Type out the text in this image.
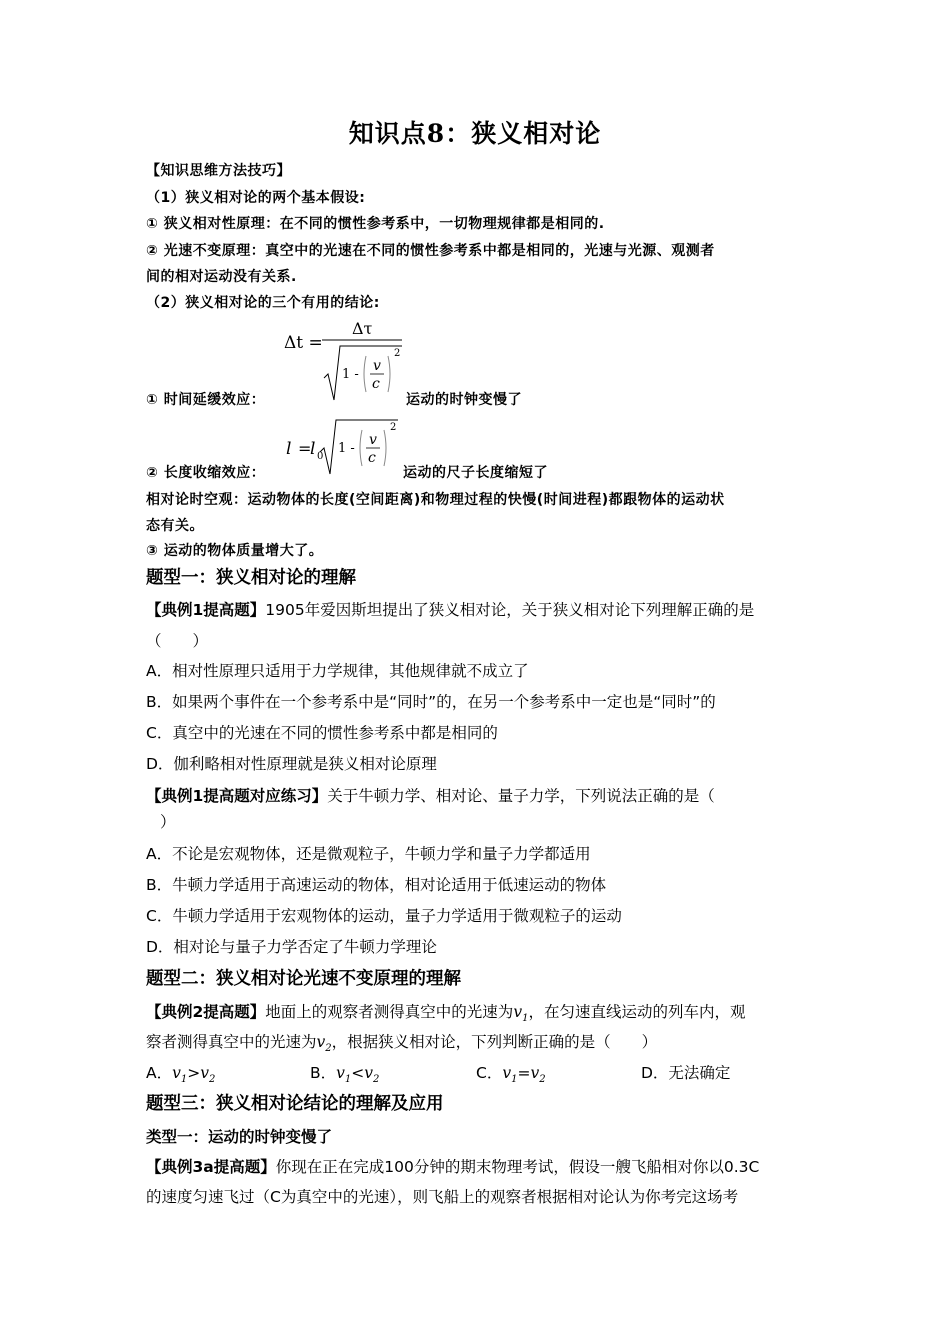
知识点8：狭义相对论
【知识思维方法技巧】
（1）狭义相对论的两个基本假设:
① 狭义相对性原理：在不同的惯性参考系中，一切物理规律都是相同的.
② 光速不变原理：真空中的光速在不同的惯性参考系中都是相同的，光速与光源、观测者
间的相对运动没有关系.
（2）狭义相对论的三个有用的结论:
Δt =
Δτ
1 -
v
c
2
① 时间延缓效应：	运动的时钟变慢了
l =
l 0
1 -
v
c
2
② 长度收缩效应：	运动的尺子长度缩短了
相对论时空观：运动物体的长度(空间距离)和物理过程的快慢(时间进程)都跟物体的运动状
态有关。
③ 运动的物体质量增大了。
题型一：狭义相对论的理解
【典例1提高题】1905年爱因斯坦提出了狭义相对论，关于狭义相对论下列理解正确的是
（　　）
A．相对性原理只适用于力学规律，其他规律就不成立了
B．如果两个事件在一个参考系中是“同时”的，在另一个参考系中一定也是“同时”的
C．真空中的光速在不同的惯性参考系中都是相同的
D．伽利略相对性原理就是狭义相对论原理
【典例1提高题对应练习】关于牛顿力学、相对论、量子力学，下列说法正确的是（
）
A．不论是宏观物体，还是微观粒子，牛顿力学和量子力学都适用
B．牛顿力学适用于高速运动的物体，相对论适用于低速运动的物体
C．牛顿力学适用于宏观物体的运动，量子力学适用于微观粒子的运动
D．相对论与量子力学否定了牛顿力学理论
题型二：狭义相对论光速不变原理的理解
【典例2提高题】地面上的观察者测得真空中的光速为$v_1$，在匀速直线运动的列车内，观
察者测得真空中的光速为$v_2$，根据狭义相对论，下列判断正确的是（　　）
A．$v_1>v_2$	B．$v_1<v_2$	C．$v_1=v_2$	D．无法确定
题型三：狭义相对论结论的理解及应用
类型一：运动的时钟变慢了
【典例3a提高题】你现在正在完成100分钟的期末物理考试，假设一艘飞船相对你以0.3C
的速度匀速飞过（C为真空中的光速），则飞船上的观察者根据相对论认为你考完这场考
